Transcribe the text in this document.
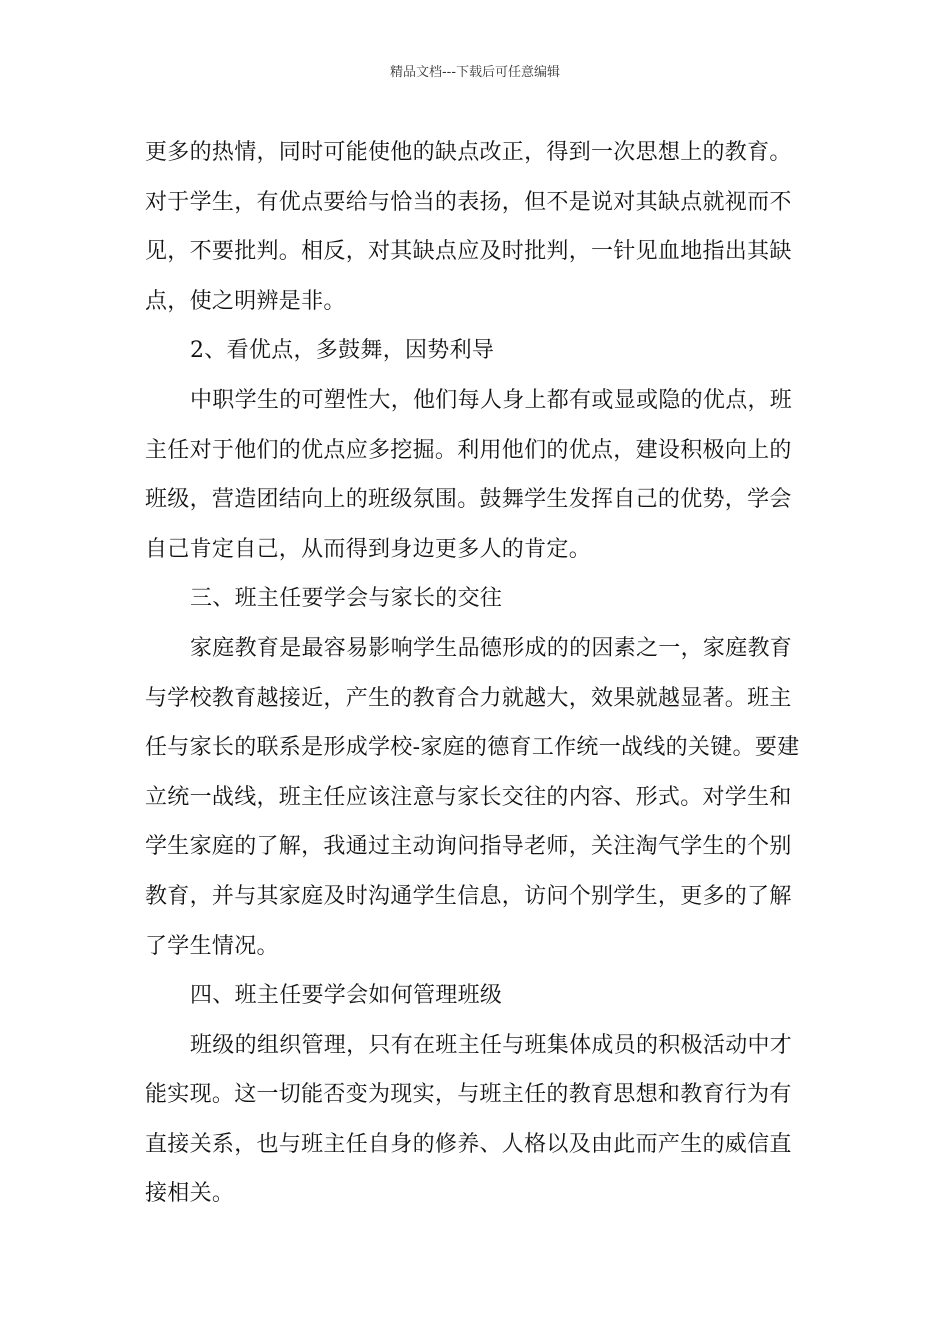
精品文档---下载后可任意编辑
更多的热情，同时可能使他的缺点改正，得到一次思想上的教育。
对于学生，有优点要给与恰当的表扬，但不是说对其缺点就视而不
见，不要批判。相反，对其缺点应及时批判，一针见血地指出其缺
点，使之明辨是非。
2、看优点，多鼓舞，因势利导
中职学生的可塑性大，他们每人身上都有或显或隐的优点，班
主任对于他们的优点应多挖掘。利用他们的优点，建设积极向上的
班级，营造团结向上的班级氛围。鼓舞学生发挥自己的优势，学会
自己肯定自己，从而得到身边更多人的肯定。
三、班主任要学会与家长的交往
家庭教育是最容易影响学生品德形成的的因素之一，家庭教育
与学校教育越接近，产生的教育合力就越大，效果就越显著。班主
任与家长的联系是形成学校-家庭的德育工作统一战线的关键。要建
立统一战线，班主任应该注意与家长交往的内容、形式。对学生和
学生家庭的了解，我通过主动询问指导老师，关注淘气学生的个别
教育，并与其家庭及时沟通学生信息，访问个别学生，更多的了解
了学生情况。
四、班主任要学会如何管理班级
班级的组织管理，只有在班主任与班集体成员的积极活动中才
能实现。这一切能否变为现实，与班主任的教育思想和教育行为有
直接关系，也与班主任自身的修养、人格以及由此而产生的威信直
接相关。
